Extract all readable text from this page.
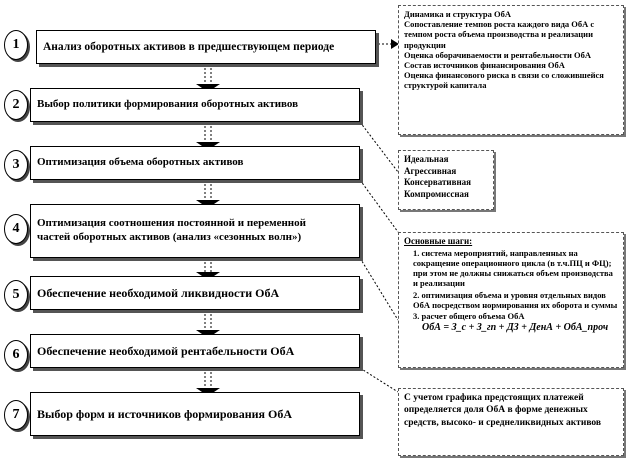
1
2
3
4
5
6
7
Анализ оборотных активов в предшествующем периоде
Выбор политики формирования оборотных активов
Оптимизация объема оборотных активов
Оптимизация соотношения постоянной и переменной
частей оборотных активов (анализ «сезонных волн»)
Обеспечение необходимой ликвидности ОбА
Обеспечение необходимой рентабельности ОбА
Выбор форм и источников формирования ОбА

Динамика и структура ОбА

Сопоставление темпов роста каждого вида ОбА с темпом роста объема производства и реализации продукции

Оценка оборачиваемости и рентабельности ОбА

Состав источников финансирования ОбА

Оценка финансового риска в связи со сложившейся структурой капитала

Идеальная

Агрессивная

Консервативная

Компромиссная

Основные шаги:

1. система мероприятий, направленных на сокращение операционного цикла (в т.ч.ПЦ и ФЦ); при этом не должны снижаться объем производства и реализации
2. оптимизация объема и уровня отдельных видов ОбА посредством нормирования их оборота и суммы
3. расчет общего объема ОбА

ОбА = З_c + З_гп + ДЗ + ДенА + ОбА_проч

С учетом графика предстоящих платежей определяется доля ОбА в форме денежных средств, высоко- и среднеликвидных активов
